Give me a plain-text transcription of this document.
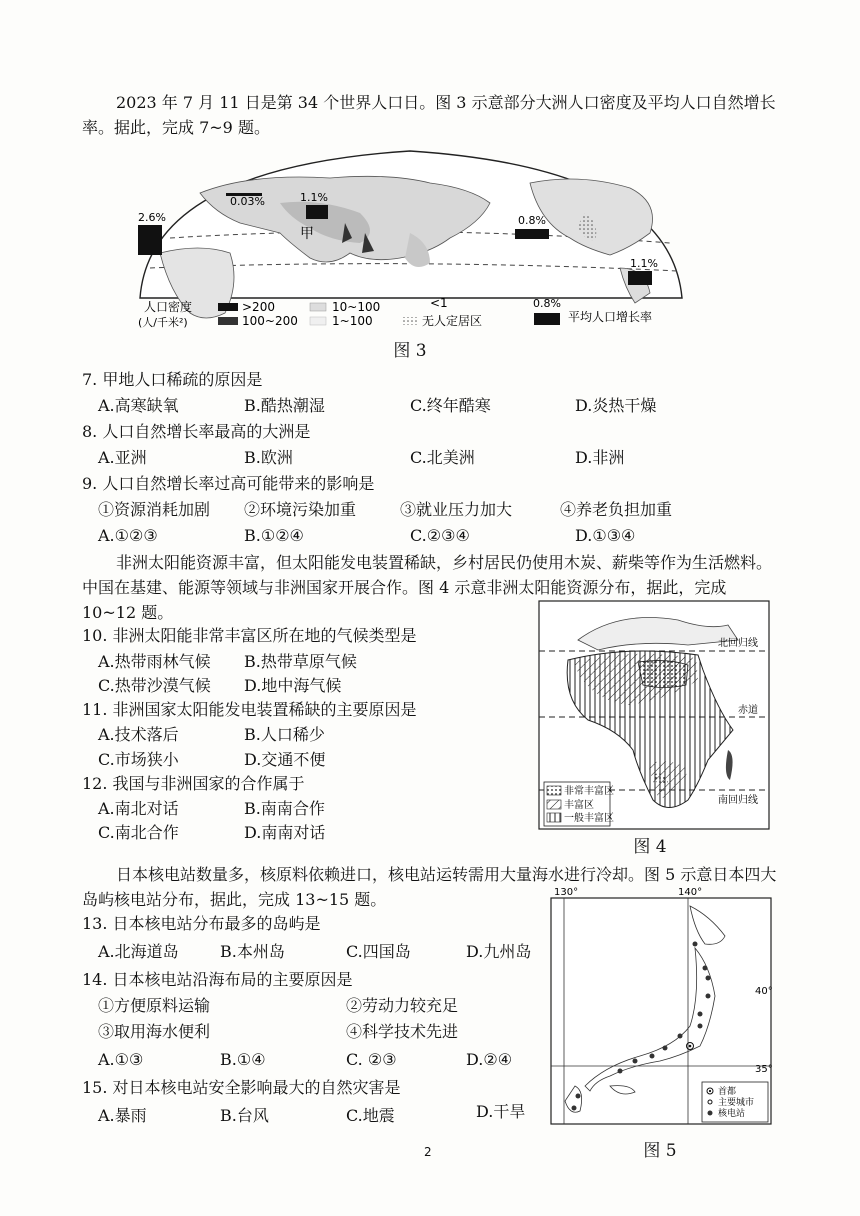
2023 年 7 月 11 日是第 34 个世界人口日。图 3 示意部分大洲人口密度及平均人口自然增长率。据此，完成 7~9 题。
2.6%
0.03%	1.1%
0.8%
1.1%
甲
人口密度
(人/千米²)
>200
100~200
10~100
1~100
<1
无人定居区
0.8%
平均人口增长率
图 3
7. 甲地人口稀疏的原因是
A.高寒缺氧	B.酷热潮湿	C.终年酷寒	D.炎热干燥
8. 人口自然增长率最高的大洲是
A.亚洲	B.欧洲	C.北美洲	D.非洲
9. 人口自然增长率过高可能带来的影响是
①资源消耗加剧 ②环境污染加重	③就业压力加大	④养老负担加重
A.①②③	B.①②④	C.②③④	D.①③④
非洲太阳能资源丰富，但太阳能发电装置稀缺，乡村居民仍使用木炭、薪柴等作为生活燃料。中国在基建、能源等领域与非洲国家开展合作。图 4 示意非洲太阳能资源分布，据此，完成 10~12 题。
北回归线
赤道
南回归线
非常丰富区
丰富区
一般丰富区
图 4
10. 非洲太阳能非常丰富区所在地的气候类型是
A.热带雨林气候 B.热带草原气候
C.热带沙漠气候 D.地中海气候
11. 非洲国家太阳能发电装置稀缺的主要原因是
A.技术落后	B.人口稀少
C.市场狭小	D.交通不便
12. 我国与非洲国家的合作属于
A.南北对话	B.南南合作
C.南北合作	D.南南对话
日本核电站数量多，核原料依赖进口，核电站运转需用大量海水进行冷却。图 5 示意日本四大岛屿核电站分布，据此，完成 13~15 题。	130°	140°
40°
35°
首都
主要城市
核电站
图 5
13. 日本核电站分布最多的岛屿是
A.北海道岛	B.本州岛	C.四国岛	D.九州岛
14. 日本核电站沿海布局的主要原因是
①方便原料运输	②劳动力较充足
③取用海水便利	④科学技术先进
A.①③	B.①④	C. ②③	D.②④
15. 对日本核电站安全影响最大的自然灾害是
A.暴雨	B.台风	C.地震	D.干旱
2
